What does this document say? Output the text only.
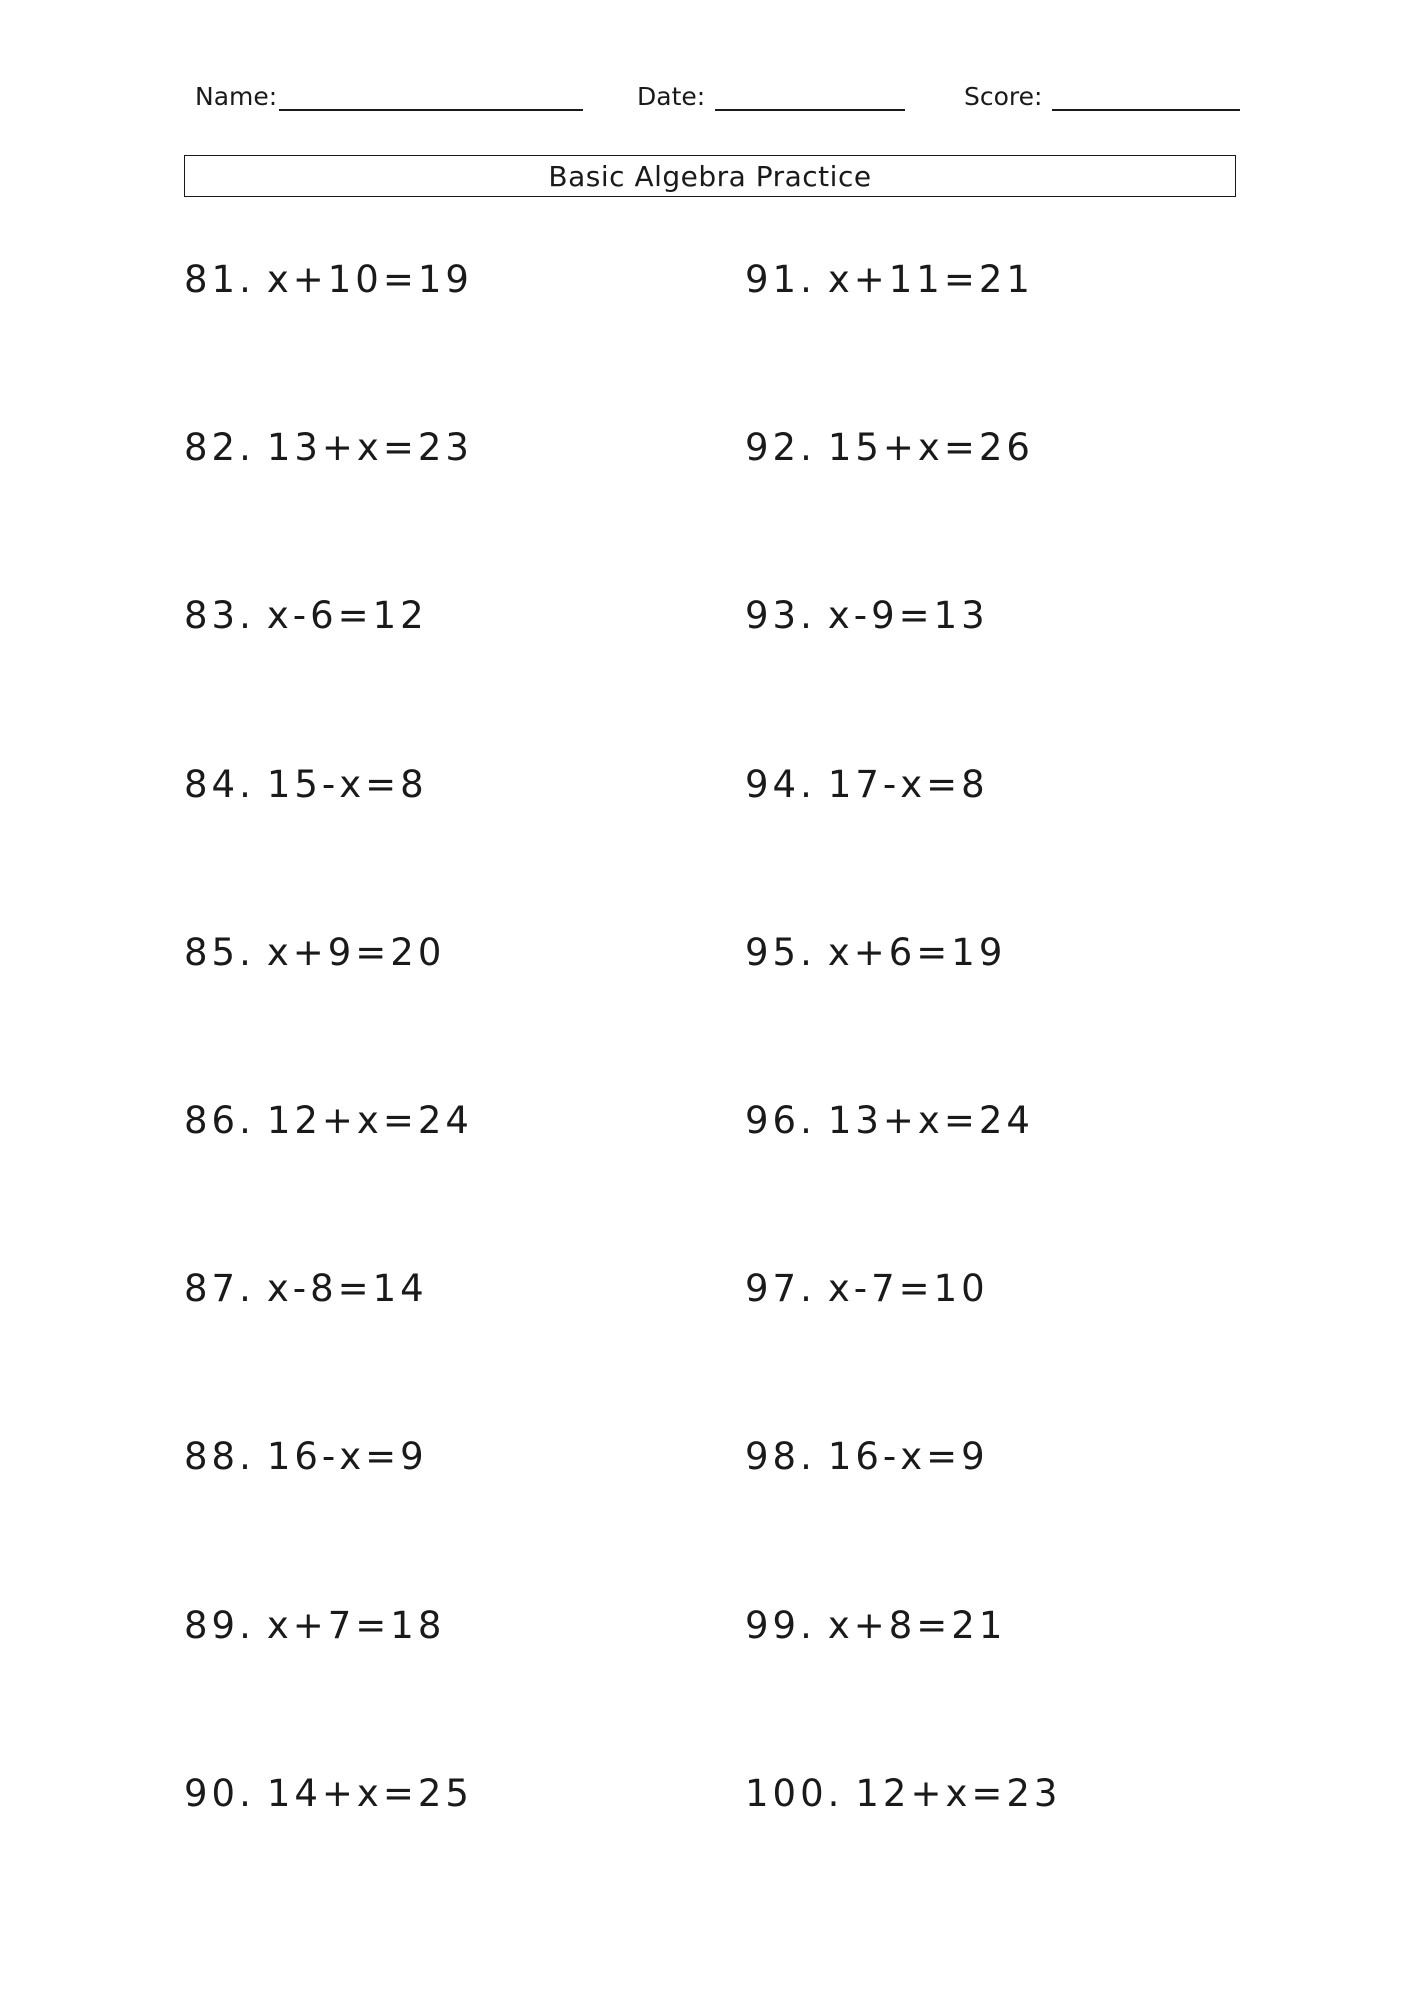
Name:	Date:	Score:
Basic Algebra Practice
81. x+10=19
82. 13+x=23
83. x-6=12
84. 15-x=8
85. x+9=20
86. 12+x=24
87. x-8=14
88. 16-x=9
89. x+7=18
90. 14+x=25
91. x+11=21
92. 15+x=26
93. x-9=13
94. 17-x=8
95. x+6=19
96. 13+x=24
97. x-7=10
98. 16-x=9
99. x+8=21
100. 12+x=23
